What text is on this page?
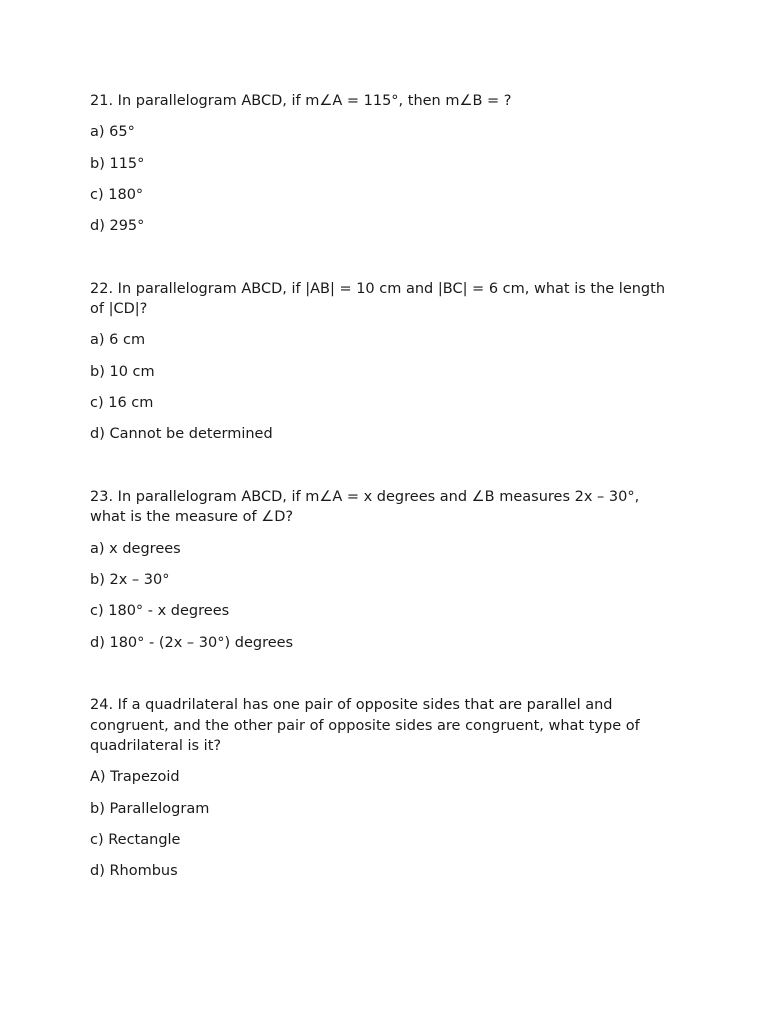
21. In parallelogram ABCD, if m∠A = 115°, then m∠B = ?

a) 65°
b) 115°
c) 180°
d) 295°

22. In parallelogram ABCD, if |AB| = 10 cm and |BC| = 6 cm, what is the length of |CD|?

a) 6 cm
b) 10 cm
c) 16 cm
d) Cannot be determined

23. In parallelogram ABCD, if m∠A = x degrees and ∠B measures 2x – 30°, what is the measure of ∠D?

a) x degrees
b) 2x – 30°
c) 180° - x degrees
d) 180° - (2x – 30°) degrees

24. If a quadrilateral has one pair of opposite sides that are parallel and congruent, and the other pair of opposite sides are congruent, what type of quadrilateral is it?

A) Trapezoid
b) Parallelogram
c) Rectangle
d) Rhombus
